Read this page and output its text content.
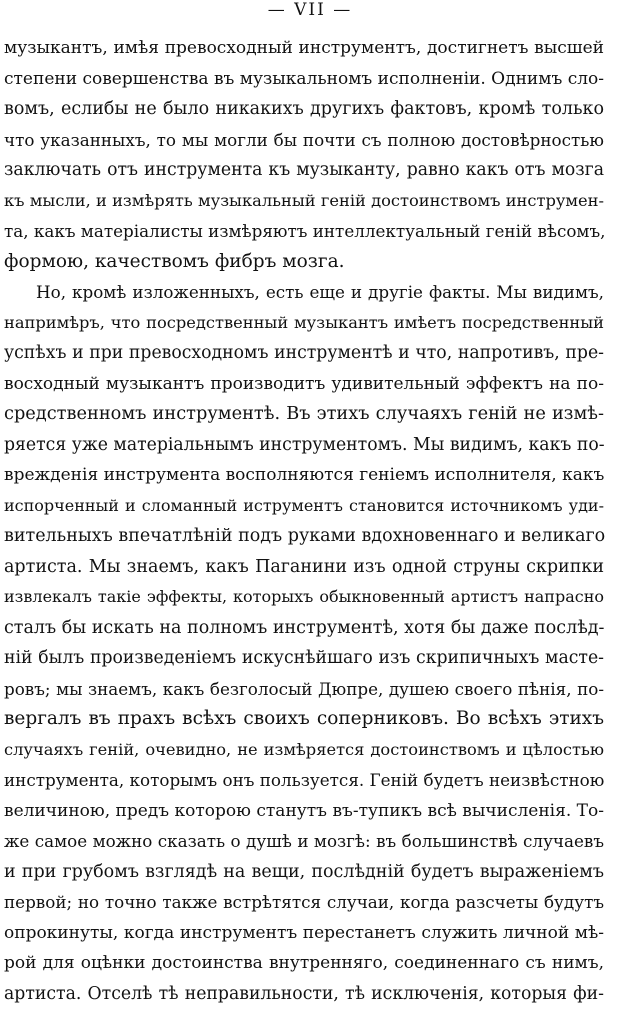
— VII —
музыкантъ, имѣя превосходный инструментъ, достигнетъ высшей
степени совершенства въ музыкальномъ исполненіи. Однимъ сло-
вомъ, еслибы не было никакихъ другихъ фактовъ, кромѣ только
что указанныхъ, то мы могли бы почти съ полною достовѣрностью
заключать отъ инструмента къ музыканту, равно какъ отъ мозга
къ мысли, и измѣрять музыкальный геній достоинствомъ инструмен-
та, какъ матеріалисты измѣряютъ интеллектуальный геній вѣсомъ,
формою, качествомъ фибръ мозга.
Но, кромѣ изложенныхъ, есть еще и другіе факты. Мы видимъ,
напримѣръ, что посредственный музыкантъ имѣетъ посредственный
успѣхъ и при превосходномъ инструментѣ и что, напротивъ, пре-
восходный музыкантъ производитъ удивительный эффектъ на по-
средственномъ инструментѣ. Въ этихъ случаяхъ геній не измѣ-
ряется уже матеріальнымъ инструментомъ. Мы видимъ, какъ по-
врежденія инструмента восполняются геніемъ исполнителя, какъ
испорченный и сломанный иструментъ становится источникомъ уди-
вительныхъ впечатлѣній подъ руками вдохновеннаго и великаго
артиста. Мы знаемъ, какъ Паганини изъ одной струны скрипки
извлекалъ такіе эффекты, которыхъ обыкновенный артистъ напрасно
сталъ бы искать на полномъ инструментѣ, хотя бы даже послѣд-
ній былъ произведеніемъ искуснѣйшаго изъ скрипичныхъ масте-
ровъ; мы знаемъ, какъ безголосый Дюпре, душею своего пѣнія, по-
вергалъ въ прахъ всѣхъ своихъ соперниковъ. Во всѣхъ этихъ
случаяхъ геній, очевидно, не измѣряется достоинствомъ и цѣлостью
инструмента, которымъ онъ пользуется. Геній будетъ неизвѣстною
величиною, предъ которою станутъ въ-тупикъ всѣ вычисленія. То-
же самое можно сказать о душѣ и мозгѣ: въ большинствѣ случаевъ
и при грубомъ взглядѣ на вещи, послѣдній будетъ выраженіемъ
первой; но точно также встрѣтятся случаи, когда разсчеты будутъ
опрокинуты, когда инструментъ перестанетъ служить личной мѣ-
рой для оцѣнки достоинства внутренняго, соединеннаго съ нимъ,
артиста. Отселѣ тѣ неправильности, тѣ исключенія, которыя фи-
